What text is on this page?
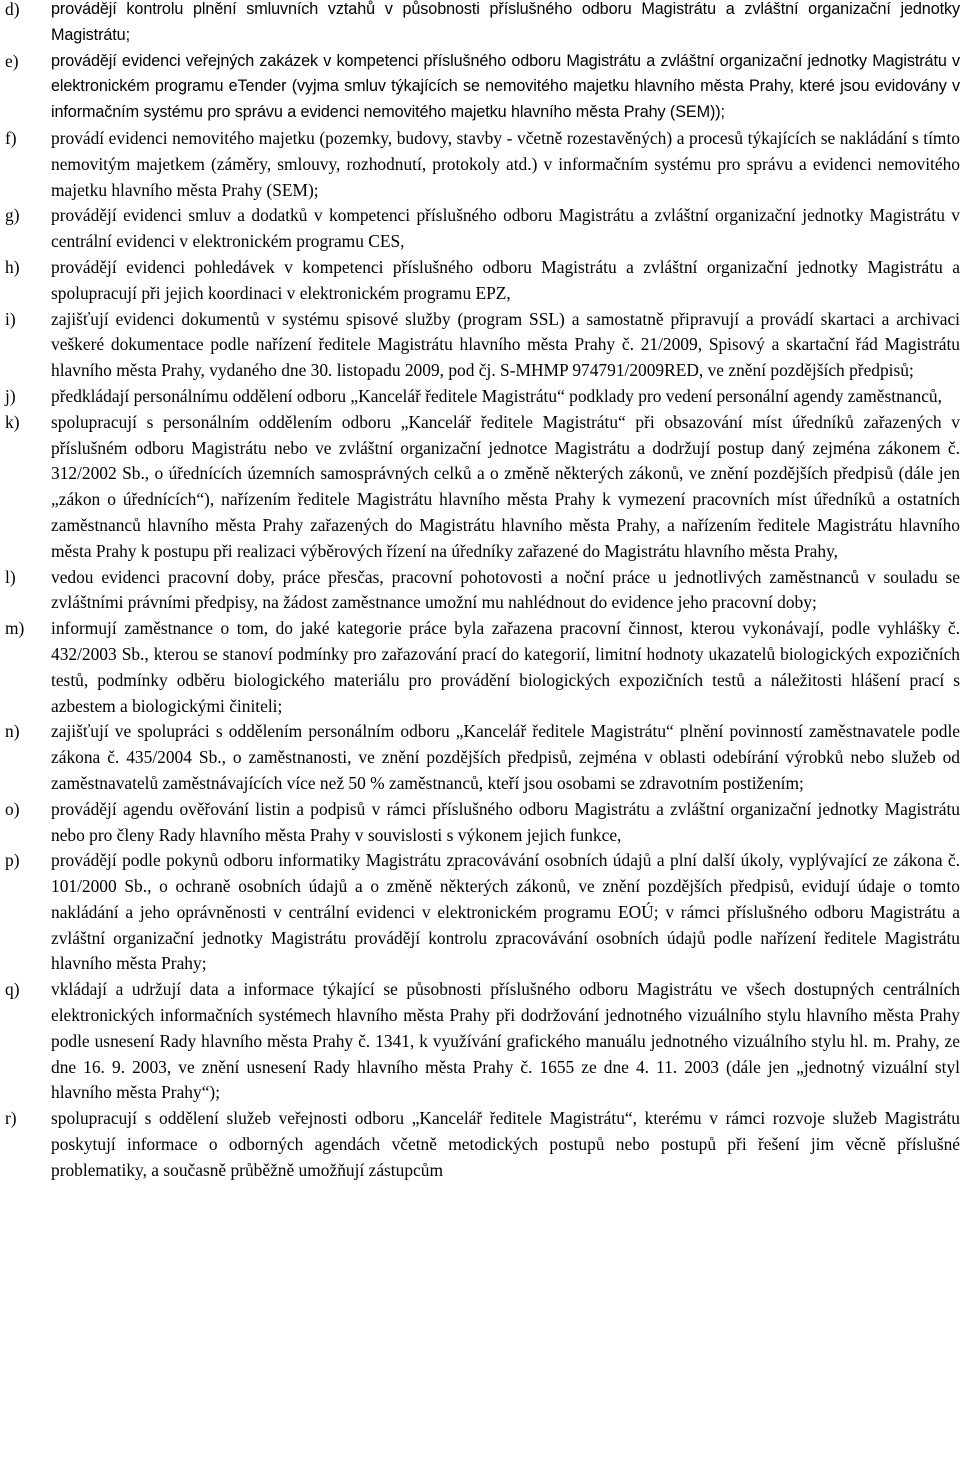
d) provádějí kontrolu plnění smluvních vztahů v působnosti příslušného odboru Magistrátu a zvláštní organizační jednotky Magistrátu;
e) provádějí evidenci veřejných zakázek v kompetenci příslušného odboru Magistrátu a zvláštní organizační jednotky Magistrátu v elektronickém programu eTender (vyjma smluv týkajících se nemovitého majetku hlavního města Prahy, které jsou evidovány v informačním systému pro správu a evidenci nemovitého majetku hlavního města Prahy (SEM));
f) provádí evidenci nemovitého majetku (pozemky, budovy, stavby - včetně rozestavěných) a procesů týkajících se nakládání s tímto nemovitým majetkem (záměry, smlouvy, rozhodnutí, protokoly atd.) v informačním systému pro správu a evidenci nemovitého majetku hlavního města Prahy (SEM);
g) provádějí evidenci smluv a dodatků v kompetenci příslušného odboru Magistrátu a zvláštní organizační jednotky Magistrátu v centrální evidenci v elektronickém programu CES,
h) provádějí evidenci pohledávek v kompetenci příslušného odboru Magistrátu a zvláštní organizační jednotky Magistrátu a spolupracují při jejich koordinaci v elektronickém programu EPZ,
i) zajišťují evidenci dokumentů v systému spisové služby (program SSL) a samostatně připravují a provádí skartaci a archivaci veškeré dokumentace podle nařízení ředitele Magistrátu hlavního města Prahy č. 21/2009, Spisový a skartační řád Magistrátu hlavního města Prahy, vydaného dne 30. listopadu 2009, pod čj. S-MHMP 974791/2009RED, ve znění pozdějších předpisů;
j) předkládají personálnímu oddělení odboru „Kancelář ředitele Magistrátu“ podklady pro vedení personální agendy zaměstnanců,
k) spolupracují s personálním oddělením odboru „Kancelář ředitele Magistrátu“ při obsazování míst úředníků zařazených v příslušném odboru Magistrátu nebo ve zvláštní organizační jednotce Magistrátu a dodržují postup daný zejména zákonem č. 312/2002 Sb., o úřednících územních samosprávných celků a o změně některých zákonů, ve znění pozdějších předpisů (dále jen „zákon o úřednících“), nařízením ředitele Magistrátu hlavního města Prahy k vymezení pracovních míst úředníků a ostatních zaměstnanců hlavního města Prahy zařazených do Magistrátu hlavního města Prahy, a nařízením ředitele Magistrátu hlavního města Prahy k postupu při realizaci výběrových řízení na úředníky zařazené do Magistrátu hlavního města Prahy,
l) vedou evidenci pracovní doby, práce přesčas, pracovní pohotovosti a noční práce u jednotlivých zaměstnanců v souladu se zvláštními právními předpisy, na žádost zaměstnance umožní mu nahlédnout do evidence jeho pracovní doby;
m) informují zaměstnance o tom, do jaké kategorie práce byla zařazena pracovní činnost, kterou vykonávají, podle vyhlášky č. 432/2003 Sb., kterou se stanoví podmínky pro zařazování prací do kategorií, limitní hodnoty ukazatelů biologických expozičních testů, podmínky odběru biologického materiálu pro provádění biologických expozičních testů a náležitosti hlášení prací s azbestem a biologickými činiteli;
n) zajišťují ve spolupráci s oddělením personálním odboru „Kancelář ředitele Magistrátu“ plnění povinností zaměstnavatele podle zákona č. 435/2004 Sb., o zaměstnanosti, ve znění pozdějších předpisů, zejména v oblasti odebírání výrobků nebo služeb od zaměstnavatelů zaměstnávajících více než 50 % zaměstnanců, kteří jsou osobami se zdravotním postižením;
o) provádějí agendu ověřování listin a podpisů v rámci příslušného odboru Magistrátu a zvláštní organizační jednotky Magistrátu nebo pro členy Rady hlavního města Prahy v souvislosti s výkonem jejich funkce,
p) provádějí podle pokynů odboru informatiky Magistrátu zpracovávání osobních údajů a plní další úkoly, vyplývající ze zákona č. 101/2000 Sb., o ochraně osobních údajů a o změně některých zákonů, ve znění pozdějších předpisů, evidují údaje o tomto nakládání a jeho oprávněnosti v centrální evidenci v elektronickém programu EOÚ; v rámci příslušného odboru Magistrátu a zvláštní organizační jednotky Magistrátu provádějí kontrolu zpracovávání osobních údajů podle nařízení ředitele Magistrátu hlavního města Prahy;
q) vkládají a udržují data a informace týkající se působnosti příslušného odboru Magistrátu ve všech dostupných centrálních elektronických informačních systémech hlavního města Prahy při dodržování jednotného vizuálního stylu hlavního města Prahy podle usnesení Rady hlavního města Prahy č. 1341, k využívání grafického manuálu jednotného vizuálního stylu hl. m. Prahy, ze dne 16. 9. 2003, ve znění usnesení Rady hlavního města Prahy č. 1655 ze dne 4. 11. 2003 (dále jen „jednotný vizuální styl hlavního města Prahy“);
r) spolupracují s oddělení služeb veřejnosti odboru „Kancelář ředitele Magistrátu“, kterému v rámci rozvoje služeb Magistrátu poskytují informace o odborných agendách včetně metodických postupů nebo postupů při řešení jim věcně příslušné problematiky, a současně průběžně umožňují zástupcům
